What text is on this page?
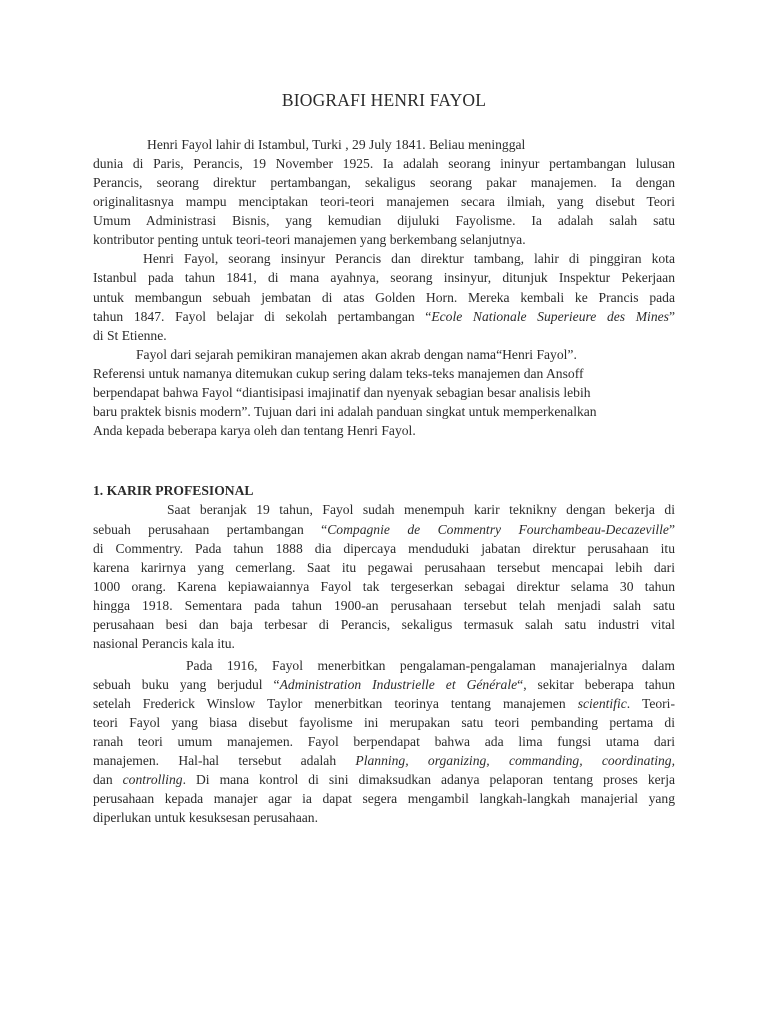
BIOGRAFI HENRI FAYOL
Henri Fayol lahir di Istambul, Turki , 29 July 1841. Beliau meninggal
dunia di Paris, Perancis, 19 November 1925. Ia adalah seorang ininyur pertambangan lulusan
Perancis, seorang direktur pertambangan, sekaligus seorang pakar manajemen. Ia dengan
originalitasnya mampu menciptakan teori-teori manajemen secara ilmiah, yang disebut Teori
Umum Administrasi Bisnis, yang kemudian dijuluki Fayolisme. Ia adalah salah satu
kontributor penting untuk teori-teori manajemen yang berkembang selanjutnya.
Henri Fayol, seorang insinyur Perancis dan direktur tambang, lahir di pinggiran kota
Istanbul pada tahun 1841, di mana ayahnya, seorang insinyur, ditunjuk Inspektur Pekerjaan
untuk membangun sebuah jembatan di atas Golden Horn. Mereka kembali ke Prancis pada
tahun 1847. Fayol belajar di sekolah pertambangan “Ecole Nationale Superieure des Mines”
di St Etienne.
Fayol dari sejarah pemikiran manajemen akan akrab dengan nama“Henri Fayol”.
Referensi untuk namanya ditemukan cukup sering dalam teks-teks manajemen dan Ansoff
berpendapat bahwa Fayol “diantisipasi imajinatif dan nyenyak sebagian besar analisis lebih
baru praktek bisnis modern”. Tujuan dari ini adalah panduan singkat untuk memperkenalkan
Anda kepada beberapa karya oleh dan tentang Henri Fayol.
1. KARIR PROFESIONAL
Saat beranjak 19 tahun, Fayol sudah menempuh karir teknikny dengan bekerja di
sebuah perusahaan pertambangan “Compagnie de Commentry Fourchambeau-Decazeville”
di Commentry. Pada tahun 1888 dia dipercaya menduduki jabatan direktur perusahaan itu
karena karirnya yang cemerlang. Saat itu pegawai perusahaan tersebut mencapai lebih dari
1000 orang. Karena kepiawaiannya Fayol tak tergeserkan sebagai direktur selama 30 tahun
hingga 1918. Sementara pada tahun 1900-an perusahaan tersebut telah menjadi salah satu
perusahaan besi dan baja terbesar di Perancis, sekaligus termasuk salah satu industri vital
nasional Perancis kala itu.
Pada 1916, Fayol menerbitkan pengalaman-pengalaman manajerialnya dalam
sebuah buku yang berjudul “Administration Industrielle et Générale“, sekitar beberapa tahun
setelah Frederick Winslow Taylor menerbitkan teorinya tentang manajemen scientific. Teori-
teori Fayol yang biasa disebut fayolisme ini merupakan satu teori pembanding pertama di
ranah teori umum manajemen. Fayol berpendapat bahwa ada lima fungsi utama dari
manajemen. Hal-hal tersebut adalah Planning, organizing, commanding, coordinating,
dan controlling. Di mana kontrol di sini dimaksudkan adanya pelaporan tentang proses kerja
perusahaan kepada manajer agar ia dapat segera mengambil langkah-langkah manajerial yang
diperlukan untuk kesuksesan perusahaan.
